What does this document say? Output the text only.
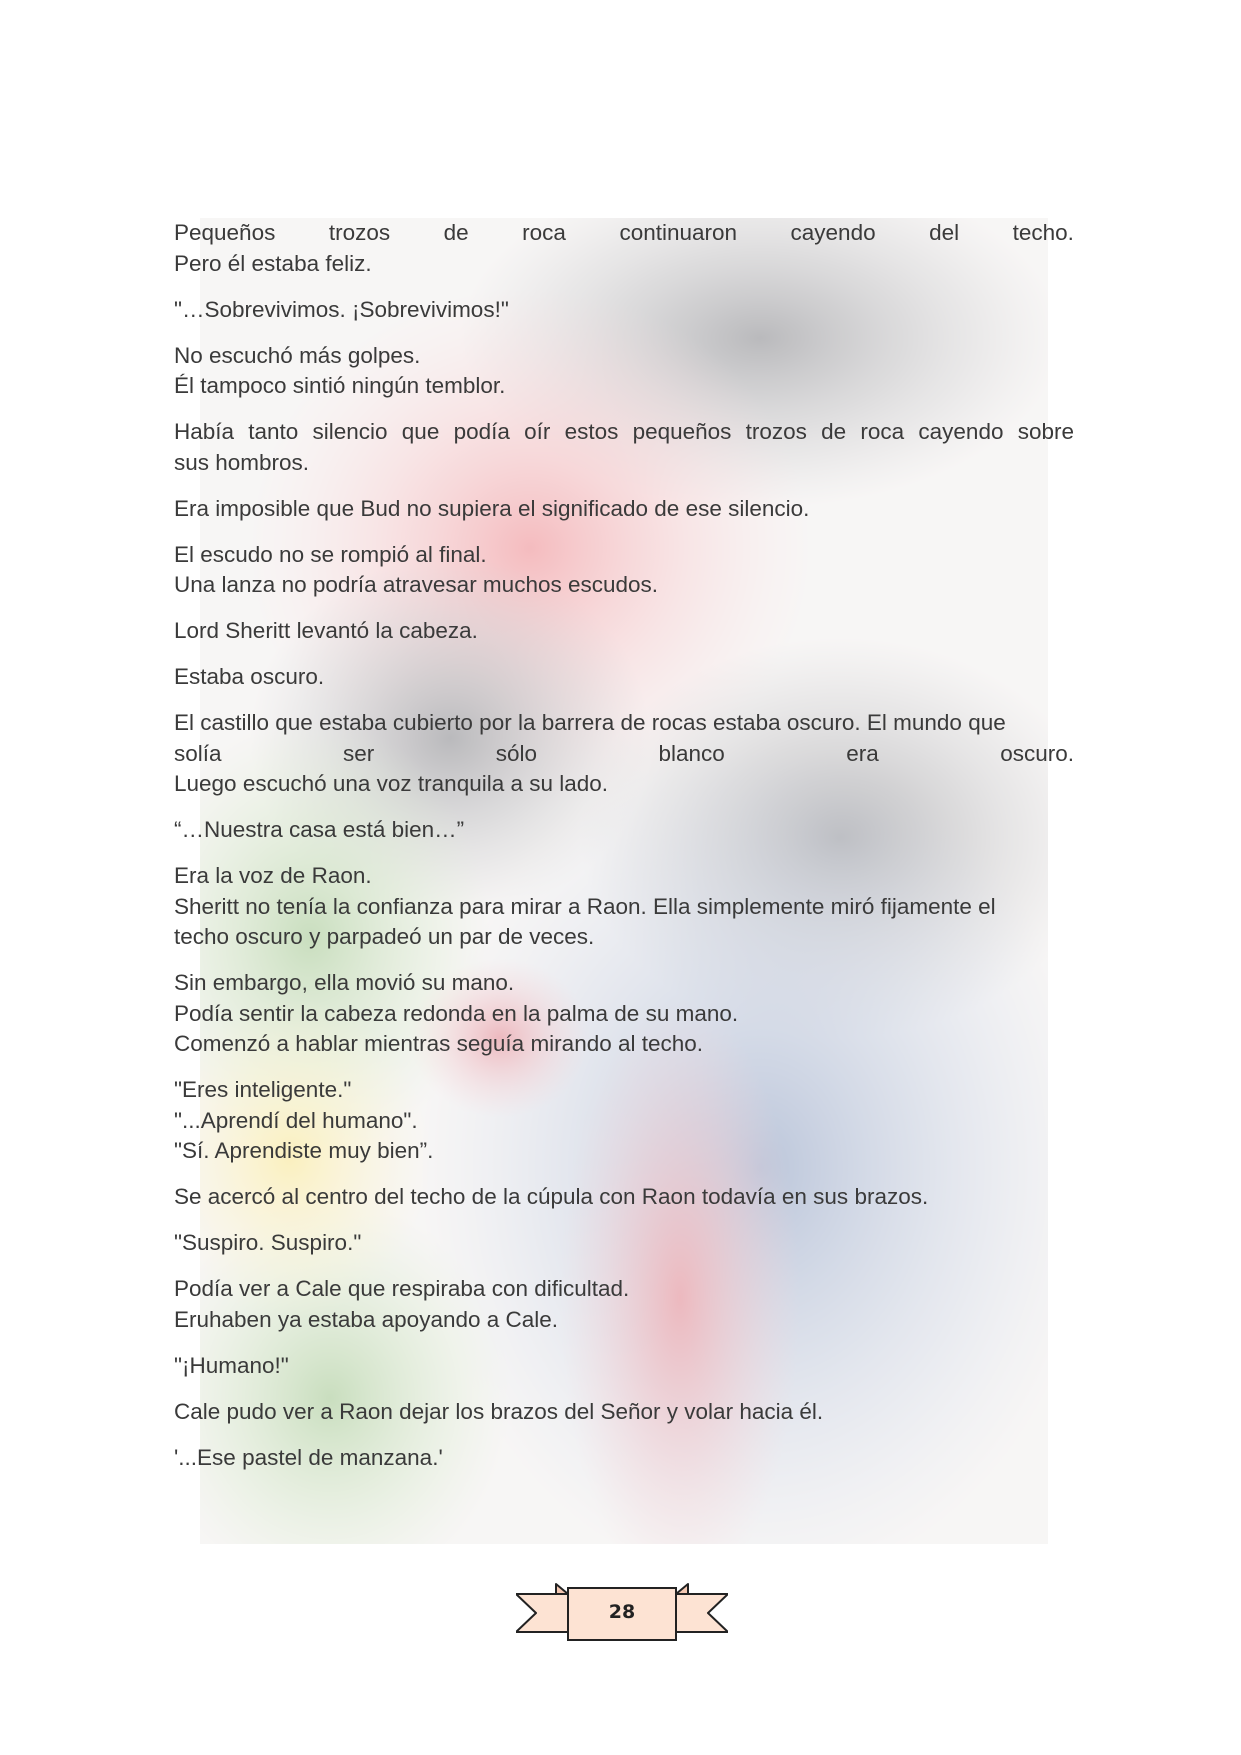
Pequeños trozos de roca continuaron cayendo del techo.
Pero él estaba feliz.

"…Sobrevivimos. ¡Sobrevivimos!"

No escuchó más golpes.
Él tampoco sintió ningún temblor.

Había tanto silencio que podía oír estos pequeños trozos de roca cayendo sobre
sus hombros.

Era imposible que Bud no supiera el significado de ese silencio.

El escudo no se rompió al final.
Una lanza no podría atravesar muchos escudos.

Lord Sheritt levantó la cabeza.

Estaba oscuro.

El castillo que estaba cubierto por la barrera de rocas estaba oscuro. El mundo que
solía	ser	sólo	blanco	era	oscuro.
Luego escuchó una voz tranquila a su lado.

“…Nuestra casa está bien…”

Era la voz de Raon.
Sheritt no tenía la confianza para mirar a Raon. Ella simplemente miró fijamente el
techo oscuro y parpadeó un par de veces.

Sin embargo, ella movió su mano.
Podía sentir la cabeza redonda en la palma de su mano.
Comenzó a hablar mientras seguía mirando al techo.

"Eres inteligente."
"...Aprendí del humano".
"Sí. Aprendiste muy bien”.

Se acercó al centro del techo de la cúpula con Raon todavía en sus brazos.

"Suspiro. Suspiro."

Podía ver a Cale que respiraba con dificultad.
Eruhaben ya estaba apoyando a Cale.

"¡Humano!"

Cale pudo ver a Raon dejar los brazos del Señor y volar hacia él.

'...Ese pastel de manzana.'

28
